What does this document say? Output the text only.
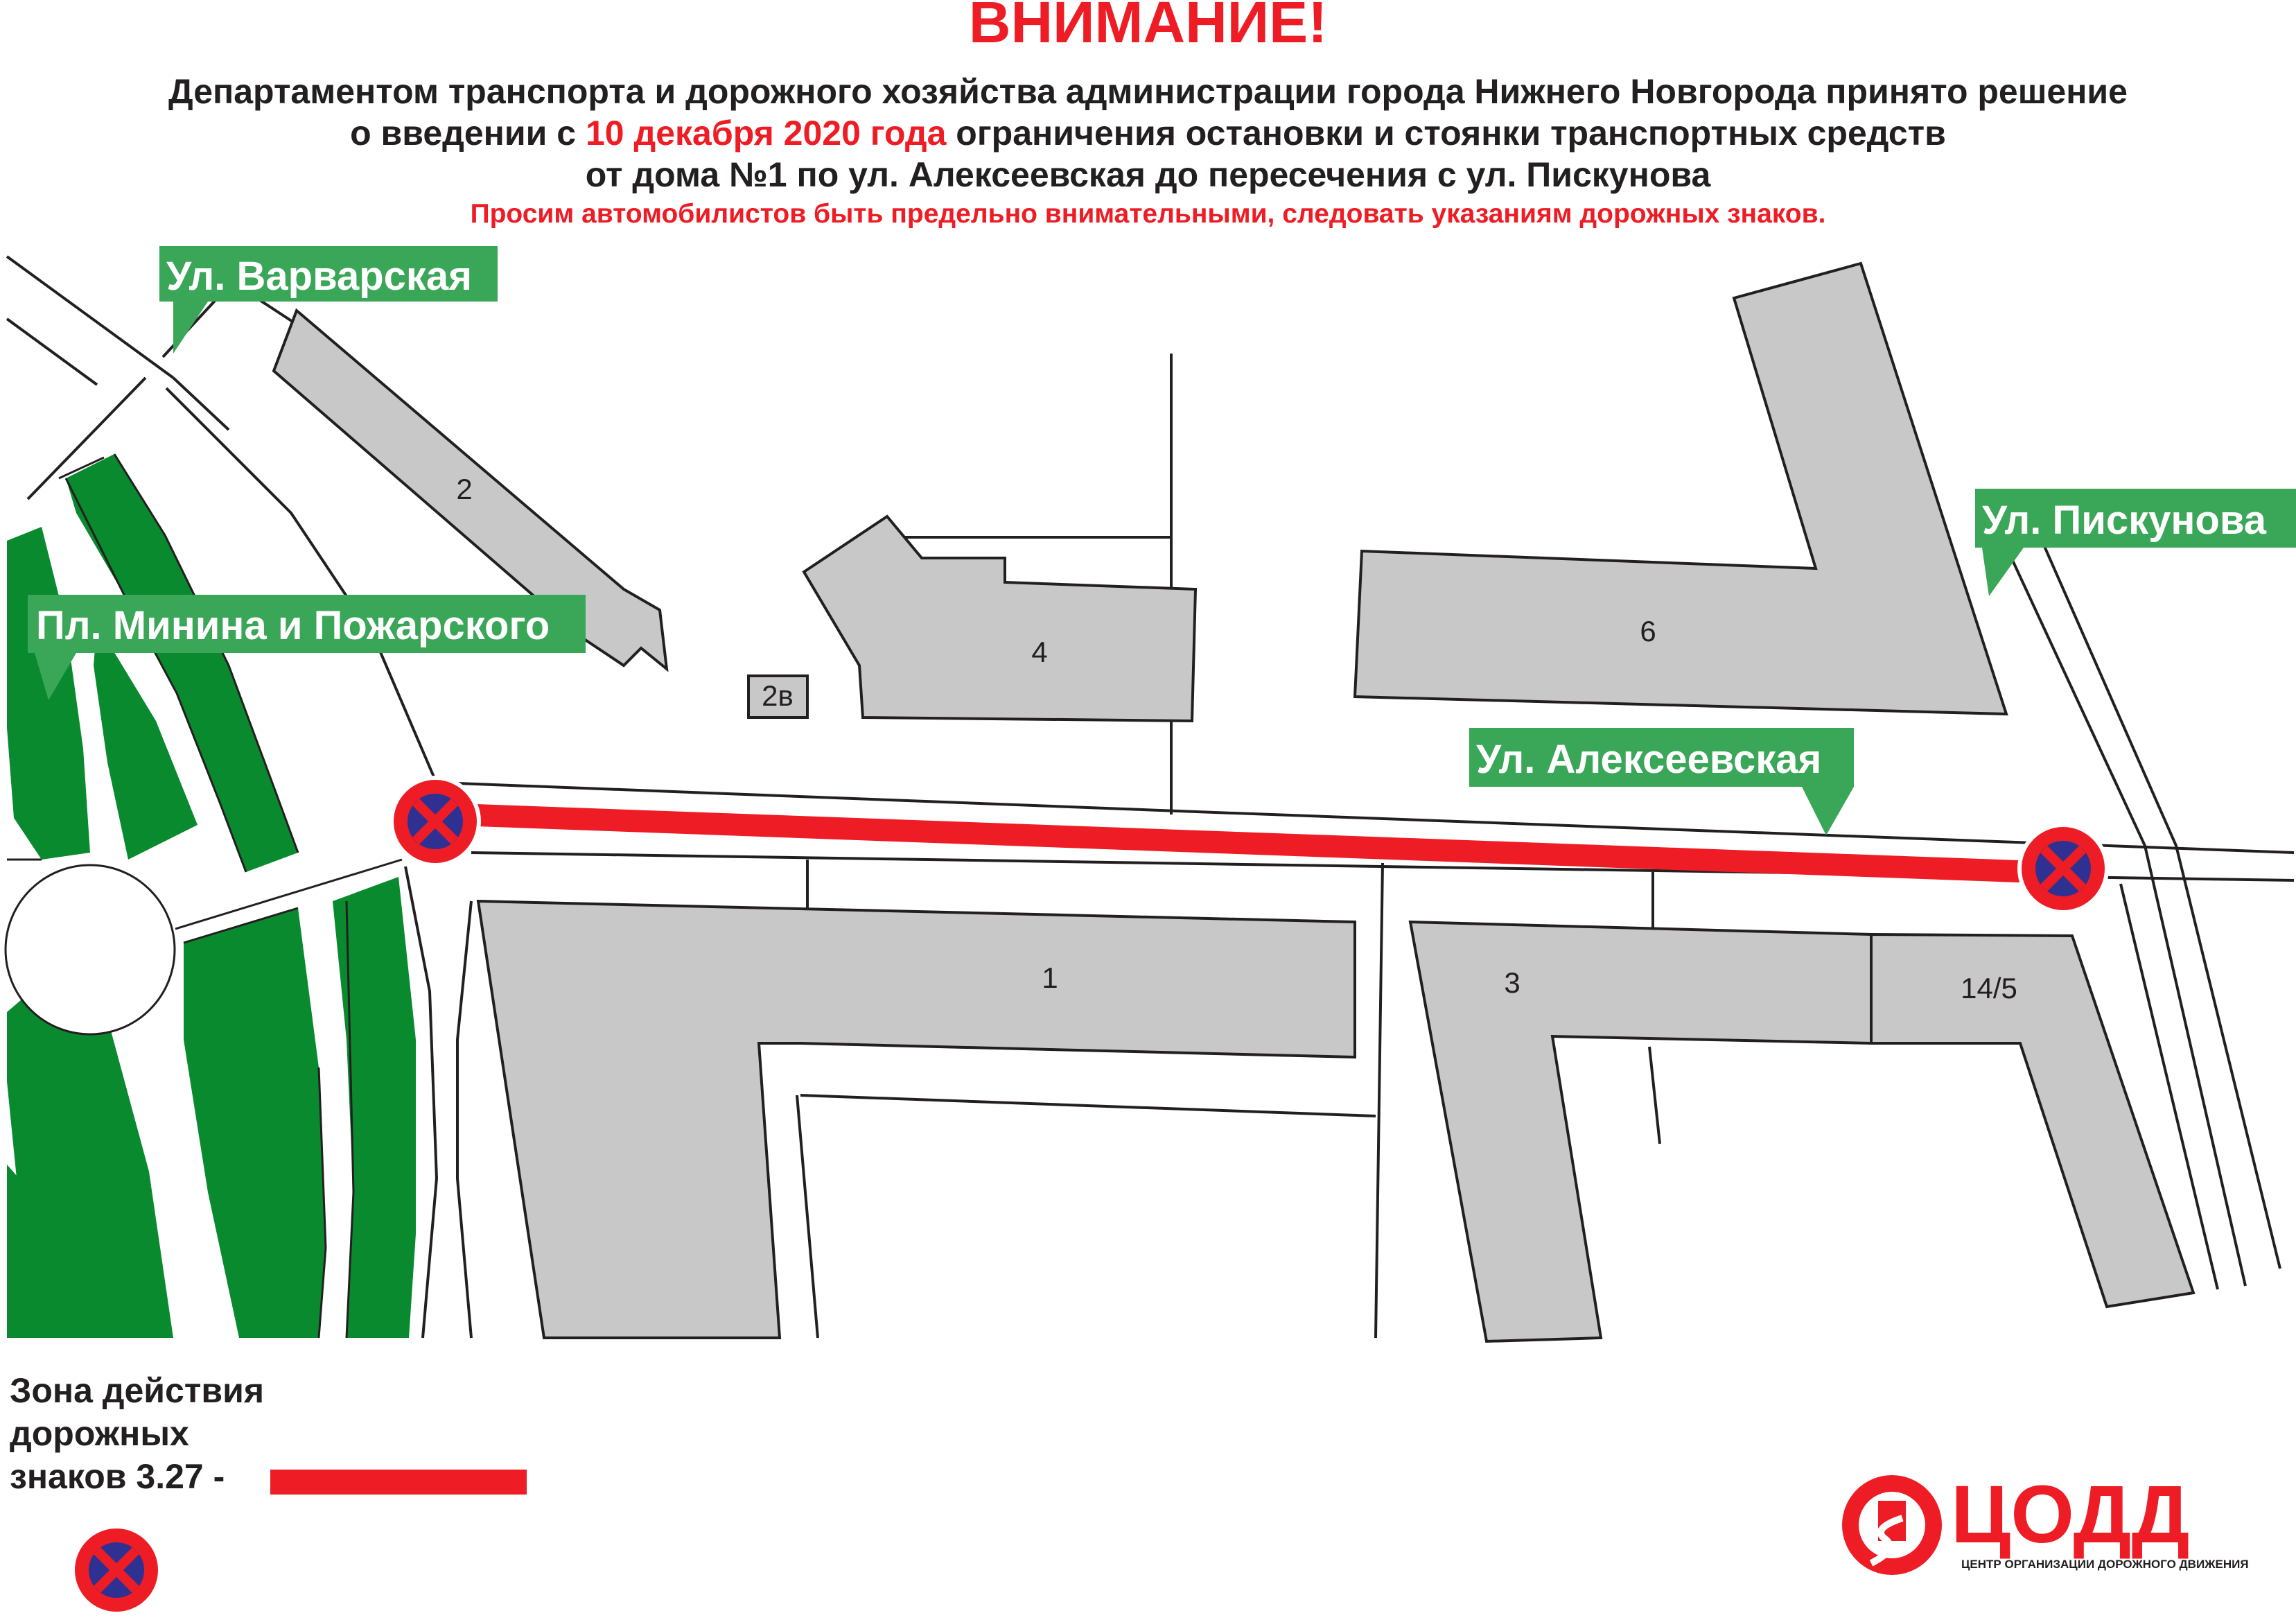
ВНИМАНИЕ!
Департаментом транспорта и дорожного хозяйства администрации города Нижнего Новгорода принято решение
о введении с 10 декабря 2020 года ограничения остановки и стоянки транспортных средств
от дома №1 по ул. Алексеевская до пересечения с ул. Пискунова
Просим автомобилистов быть предельно внимательными, следовать указаниям дорожных знаков.
2
2в
4
6
1	3	14/5
Ул. Варварская
Пл. Минина и Пожарского
Ул. Пискунова
Ул. Алексеевская
ЦОДД
ЦЕНТР ОРГАНИЗАЦИИ ДОРОЖНОГО ДВИЖЕНИЯ
Зона действия
дорожных
знаков 3.27 -
